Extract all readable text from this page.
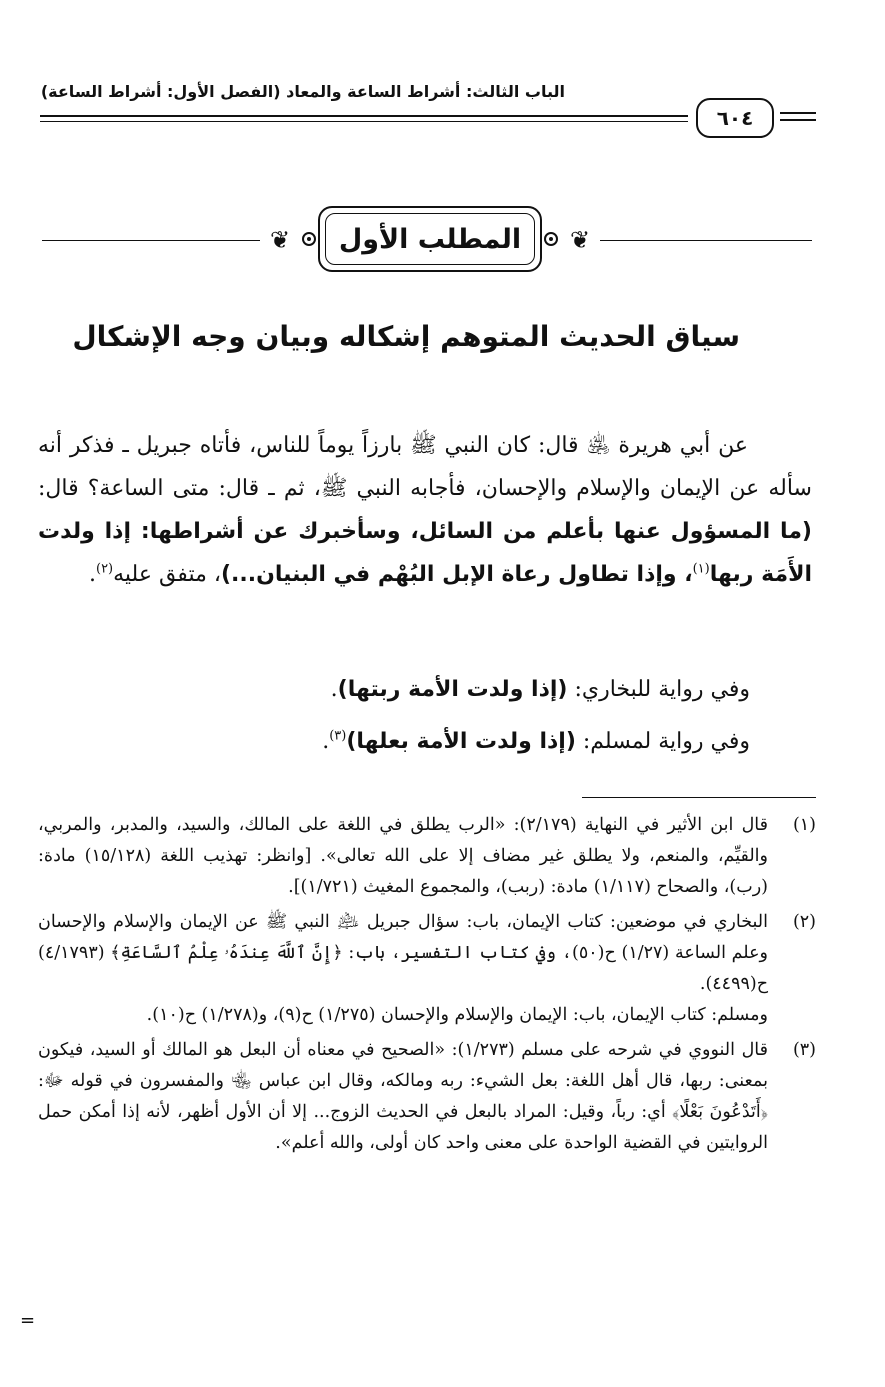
الباب الثالث: أشراط الساعة والمعاد (الفصل الأول: أشراط الساعة)
٦٠٤
❦	❦
المطلب الأول
سياق الحديث المتوهم إشكاله وبيان وجه الإشكال

عن أبي هريرة ﵁ قال: كان النبي ﷺ بارزاً يوماً للناس، فأتاه جبريل ـ فذكر أنه سأله عن الإيمان والإسلام والإحسان، فأجابه النبي ﷺ، ثم ـ قال: متى الساعة؟ قال: (ما المسؤول عنها بأعلم من السائل، وسأخبرك عن أشراطها: إذا ولدت الأَمَة ربها$^{(١)}$، وإذا تطاول رعاة الإبل البُهْم في البنيان...)، متفق عليه$^{(٢)}$.

وفي رواية للبخاري: (إذا ولدت الأمة ربتها).
وفي رواية لمسلم: (إذا ولدت الأمة بعلها)$^{(٣)}$.
(١)

قال ابن الأثير في النهاية (٢/١٧٩): «الرب يطلق في اللغة على المالك، والسيد، والمدبر، والمربي، والقيِّم، والمنعم، ولا يطلق غير مضاف إلا على الله تعالى». [وانظر: تهذيب اللغة (١٥/١٢٨) مادة: (رب)، والصحاح (١/١١٧) مادة: (ربب)، والمجموع المغيث (١/٧٢١)].

(٢)

البخاري في موضعين: كتاب الإيمان، باب: سؤال جبريل ﵇ النبي ﷺ عن الإيمان والإسلام والإحسان وعلم الساعة (١/٢٧) ح(٥٠)، وفي كتاب التفسير، باب: ﴿إِنَّ ٱللَّهَ عِندَهُۥ عِلْمُ ٱلسَّاعَةِ﴾ (٤/١٧٩٣) ح(٤٤٩٩).

ومسلم: كتاب الإيمان، باب: الإيمان والإسلام والإحسان (١/٢٧٥) ح(٩)، و(١/٢٧٨) ح(١٠).

(٣)

قال النووي في شرحه على مسلم (١/٢٧٣): «الصحيح في معناه أن البعل هو المالك أو السيد، فيكون بمعنى: ربها، قال أهل اللغة: بعل الشيء: ربه ومالكه، وقال ابن عباس ﵄ والمفسرون في قوله ﷻ: ﴿أَتَدْعُونَ بَعْلًا﴾ أي: رباً، وقيل: المراد بالبعل في الحديث الزوج... إلا أن الأول أظهر، لأنه إذا أمكن حمل الروايتين في القضية الواحدة على معنى واحد كان أولى، والله أعلم».

=
